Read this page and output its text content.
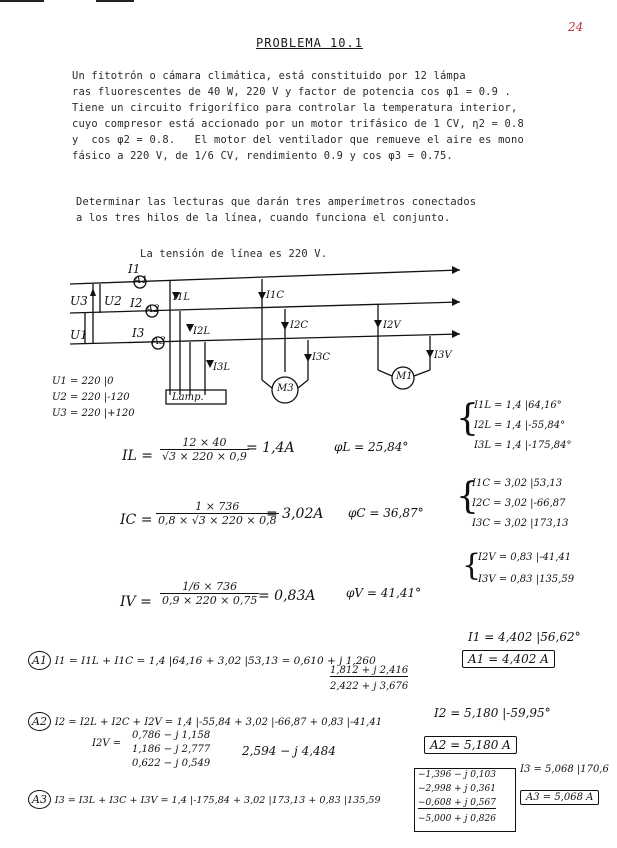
24
PROBLEMA 10.1
Un fitotrón o cámara climática, está constituido por 12 lámpa
ras fluorescentes de 40 W, 220 V y factor de potencia cos φ1 = 0.9 .
Tiene un circuito frigorífico para controlar la temperatura interior,
cuyo compresor está accionado por un motor trifásico de 1 CV, η2 = 0.8
y  cos φ2 = 0.8.   El motor del ventilador que remueve el aire es mono
fásico a 220 V, de 1/6 CV, rendimiento 0.9 y cos φ3 = 0.75.
Determinar las lecturas que darán tres amperímetros conectados
a los tres hilos de la línea, cuando funciona el conjunto.
La tensión de línea es 220 V.
I1
I2
I3
A1
A2
A3
U3 U2
U1
I1L	I1C
I2C
I2L
I3L
I3C
I2V
I3V
Lamp.
M3
M1
U1 = 220 |0
U2 = 220 |-120
U3 = 220 |+120
IL = $\frac{12 \times 40}{√3 \times 220 \times 0,9}$
= 1,4A	φL = 25,84°
IC = $\frac{1 \times 736}{0,8 \times √3 \times 220 \times 0,8}$
= 3,02A φC = 36,87°
IV = $\frac{1/6 \times 736}{0,9 \times 220 \times 0,75}$
= 0,83A	φV = 41,41°
{
I1L = 1,4 |64,16°
I2L = 1,4 |-55,84°
I3L = 1,4 |-175,84°
{
I1C = 3,02 |53,13
I2C = 3,02 |-66,87
I3C = 3,02 |173,13
{
I2V = 0,83 |-41,41
I3V = 0,83 |135,59
A1 I1 = I1L + I1C = 1,4 |64,16 + 3,02 |53,13 = 0,610 + j 1,260
1,812 + j 2,416
2,422 + j 3,676
I1 = 4,402 |56,62°
A1 = 4,402 A
A2 I2 = I2L + I2C + I2V = 1,4 |-55,84 + 3,02 |-66,87 + 0,83 |-41,41
I2V =
0,786 − j 1,158
1,186 − j 2,777
0,622 − j 0,549
2,594 − j 4,484
I2 = 5,180 |-59,95°
A2 = 5,180 A
A3 I3 = I3L + I3C + I3V = 1,4 |-175,84 + 3,02 |173,13 + 0,83 |135,59
−1,396 − j 0,103
−2,998 + j 0,361
−0,608 + j 0,567
−5,000 + j 0,826
I3 = 5,068 |170,6
A3 = 5,068 A
